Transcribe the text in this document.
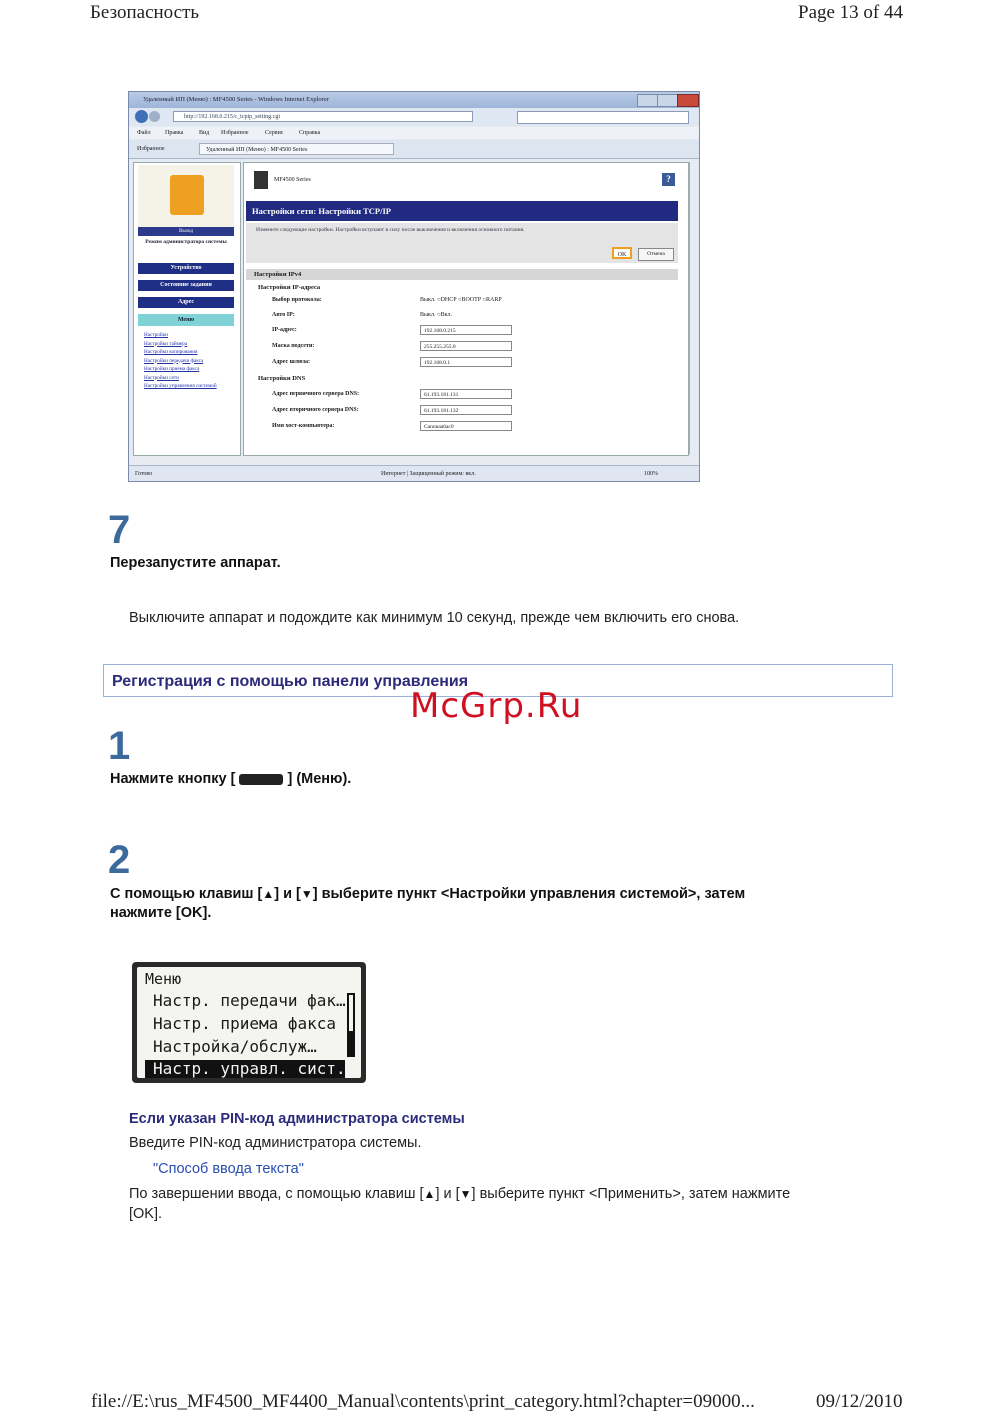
Безопасность	Page 13 of 44
Удаленный ИП (Меню) : MF4500 Series - Windows Internet Explorer
http://192.168.0.215/c_tcpip_setting.cgi
Файл Правка	Вид Избранное	Сервис	Справка
Избранное	Удаленный ИП (Меню) : MF4500 Series
Выход
Режим администратора системы
Устройство
Состояние задания
Адрес
Меню
Настройки
Настройки таймера
Настройки копирования
Настройки передачи факса
Настройки приема факса
Настройки сети
Настройки управления системой
MF4500 Series	?
Настройки сети: Настройки TCP/IP
Измените следующие настройки. Настройки вступают в силу после выключения и включения основного питания.
OK	Отмена
Настройки IPv4
Настройки IP-адреса
Выбор протокола:	Выкл. ○DHCP ○BOOTP ○RARP
Авто IP:	Выкл. ○Вкл.
IP-адрес:	192.168.0.215
Маска подсети:	255.255.255.0
Адрес шлюза:	192.168.0.1
Настройки DNS
Адрес первичного сервера DNS:	61.193.181.131
Адрес вторичного сервера DNS:	61.193.181.132
Имя хост-компьютера:	Canonaa6ac0
Готово	Интернет | Защищенный режим: вкл.	100%
7
Перезапустите аппарат.
Выключите аппарат и подождите как минимум 10 секунд, прежде чем включить его снова.
Регистрация с помощью панели управления
McGrp.Ru
1
Нажмите кнопку [	] (Меню).
2
С помощью клавиш [▲] и [▼] выберите пункт <Настройки управления системой>, затем
нажмите [OK].
Меню
Настр. передачи фак…
Настр. приема факса
Настройка/обслуж…
Настр. управл. сист.
Если указан PIN-код администратора системы
Введите PIN-код администратора системы.
"Способ ввода текста"
По завершении ввода, с помощью клавиш [▲] и [▼] выберите пункт <Применить>, затем нажмите
[OK].
file://E:\rus_MF4500_MF4400_Manual\contents\print_category.html?chapter=09000...	09/12/2010
